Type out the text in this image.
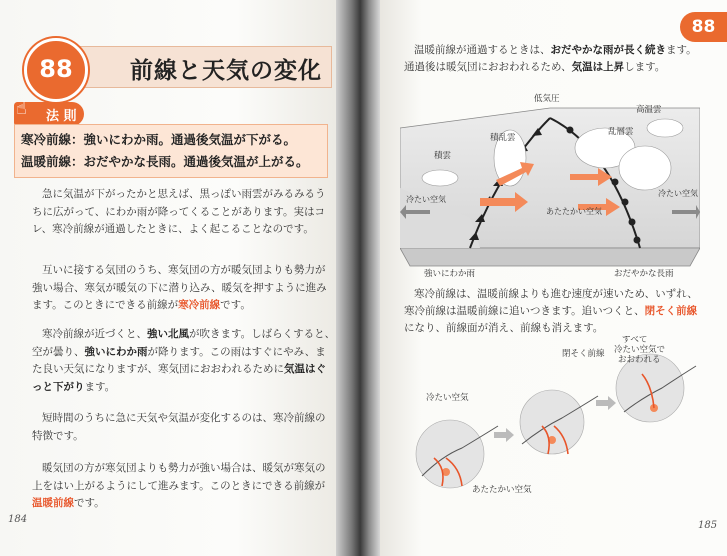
88	前線と天気の変化
☝ 法 則
寒冷前線：強いにわか雨。通過後気温が下がる。
温暖前線：おだやかな長雨。通過後気温が上がる。
急に気温が下がったかと思えば、黒っぽい雨雲がみるみるう
ちに広がって、にわか雨が降ってくることがあります。実はコ
レ、寒冷前線が通過したときに、よく起こることなのです。
互いに接する気団のうち、寒気団の方が暖気団よりも勢力が
強い場合、寒気が暖気の下に潜り込み、暖気を押すように進み
ます。このときにできる前線が寒冷前線です。
寒冷前線が近づくと、強い北風が吹きます。しばらくすると、
空が曇り、強いにわか雨が降ります。この雨はすぐにやみ、ま
た良い天気になりますが、寒気団におおわれるために気温はぐ
っと下がります。
短時間のうちに急に天気や気温が変化するのは、寒冷前線の
特徴です。
暖気団の方が寒気団よりも勢力が強い場合は、暖気が寒気の
上をはい上がるようにして進みます。このときにできる前線が
温暖前線です。
184
88
温暖前線が通過するときは、おだやかな雨が長く続きます。
通過後は暖気団におおわれるため、気温は上昇します。
低気圧
高温雲
積乱雲
乱層雲
積雲
冷たい空気
あたたかい空気
冷たい空気
強いにわか雨	おだやかな長雨
寒冷前線は、温暖前線よりも進む速度が速いため、いずれ、
寒冷前線は温暖前線に追いつきます。追いつくと、閉そく前線
になり、前線面が消え、前線も消えます。
冷たい空気
あたたかい空気
閉そく前線
すべて
冷たい空気で
おおわれる
185
